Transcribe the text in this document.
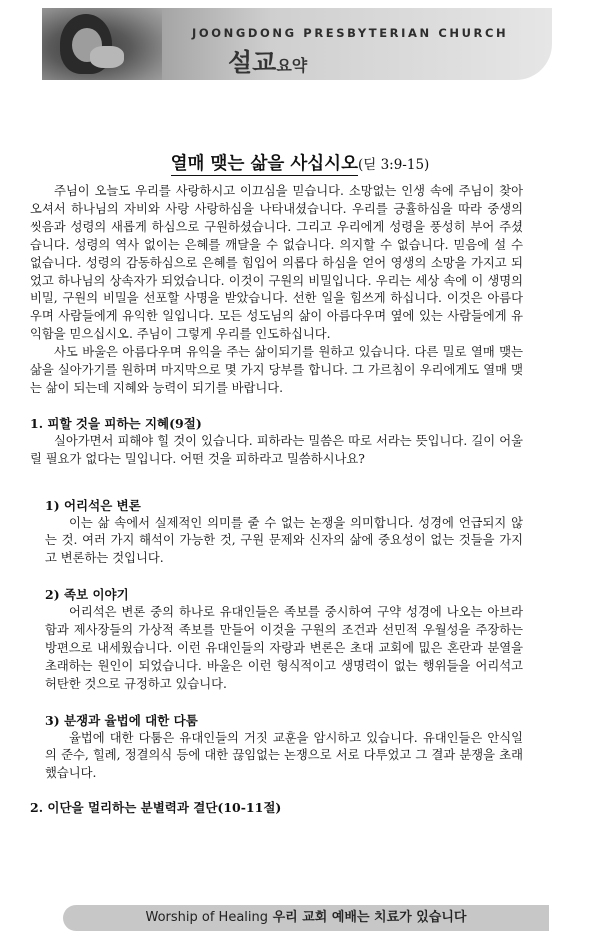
JOONGDONG PRESBYTERIAN CHURCH
설교요약
열매 맺는 삶을 사십시오(딛 3:9-15)

주님이 오늘도 우리를 사랑하시고 이끄심을 믿습니다. 소망없는 인생 속에 주님이 찾아오셔서 하나님의 자비와 사랑 사랑하심을 나타내셨습니다. 우리를 긍휼하심을 따라 중생의 씻음과 성령의 새롭게 하심으로 구원하셨습니다. 그리고 우리에게 성령을 풍성히 부어 주셨습니다. 성령의 역사 없이는 은혜를 깨달을 수 없습니다. 의지할 수 없습니다. 믿음에 설 수 없습니다. 성령의 감동하심으로 은혜를 힘입어 의롭다 하심을 얻어 영생의 소망을 가지고 되었고 하나님의 상속자가 되었습니다. 이것이 구원의 비밀입니다. 우리는 세상 속에 이 생명의 비밀, 구원의 비밀을 선포할 사명을 받았습니다. 선한 일을 힘쓰게 하십니다. 이것은 아름다우며 사람들에게 유익한 일입니다. 모든 성도님의 삶이 아름다우며 옆에 있는 사람들에게 유익함을 믿으십시오. 주님이 그렇게 우리를 인도하십니다.

사도 바울은 아름다우며 유익을 주는 삶이되기를 원하고 있습니다. 다른 밀로 열매 맺는 삶을 실아가기를 원하며 마지막으로 몇 가지 당부를 합니다. 그 가르침이 우리에게도 열매 맺는 삶이 되는데 지혜와 능력이 되기를 바랍니다.

1. 피할 것을 피하는 지혜(9절)

실아가면서 피해야 힐 것이 있습니다. 피하라는 밀씀은 따로 서라는 뜻입니다. 길이 어울릴 필요가 없다는 밀입니다. 어떤 것을 피하라고 밀씀하시나요?

1) 어리석은 변론

이는 삶 속에서 실제적인 의미를 줄 수 없는 논쟁을 의미합니다. 성경에 언급되지 않는 것. 여러 가지 해석이 가능한 것, 구원 문제와 신자의 삶에 중요성이 없는 것들을 가지고 변론하는 것입니다.

2) 족보 이야기

어리석은 변론 중의 하나로 유대인들은 족보를 중시하여 구약 성경에 나오는 아브라함과 제사장들의 가상적 족보를 만들어 이것을 구원의 조건과 선민적 우월성을 주장하는 방편으로 내세웠습니다. 이런 유대인들의 자랑과 변론은 초대 교회에 밊은 혼란과 분열을 초래하는 원인이 되었습니다. 바울은 이런 형식적이고 생명력이 없는 행위들을 어리석고 허탄한 것으로 규정하고 있습니다.

3) 분쟁과 율법에 대한 다툼

율법에 대한 다툼은 유대인들의 거짓 교훈을 암시하고 있습니다. 유대인들은 안식일의 준수, 힐례, 정결의식 등에 대한 끊임없는 논쟁으로 서로 다투었고 그 결과 분쟁을 초래했습니다.

2. 이단을 멀리하는 분별력과 결단(10-11절)
Worship of Healing 우리 교회 예배는 치료가 있습니다
